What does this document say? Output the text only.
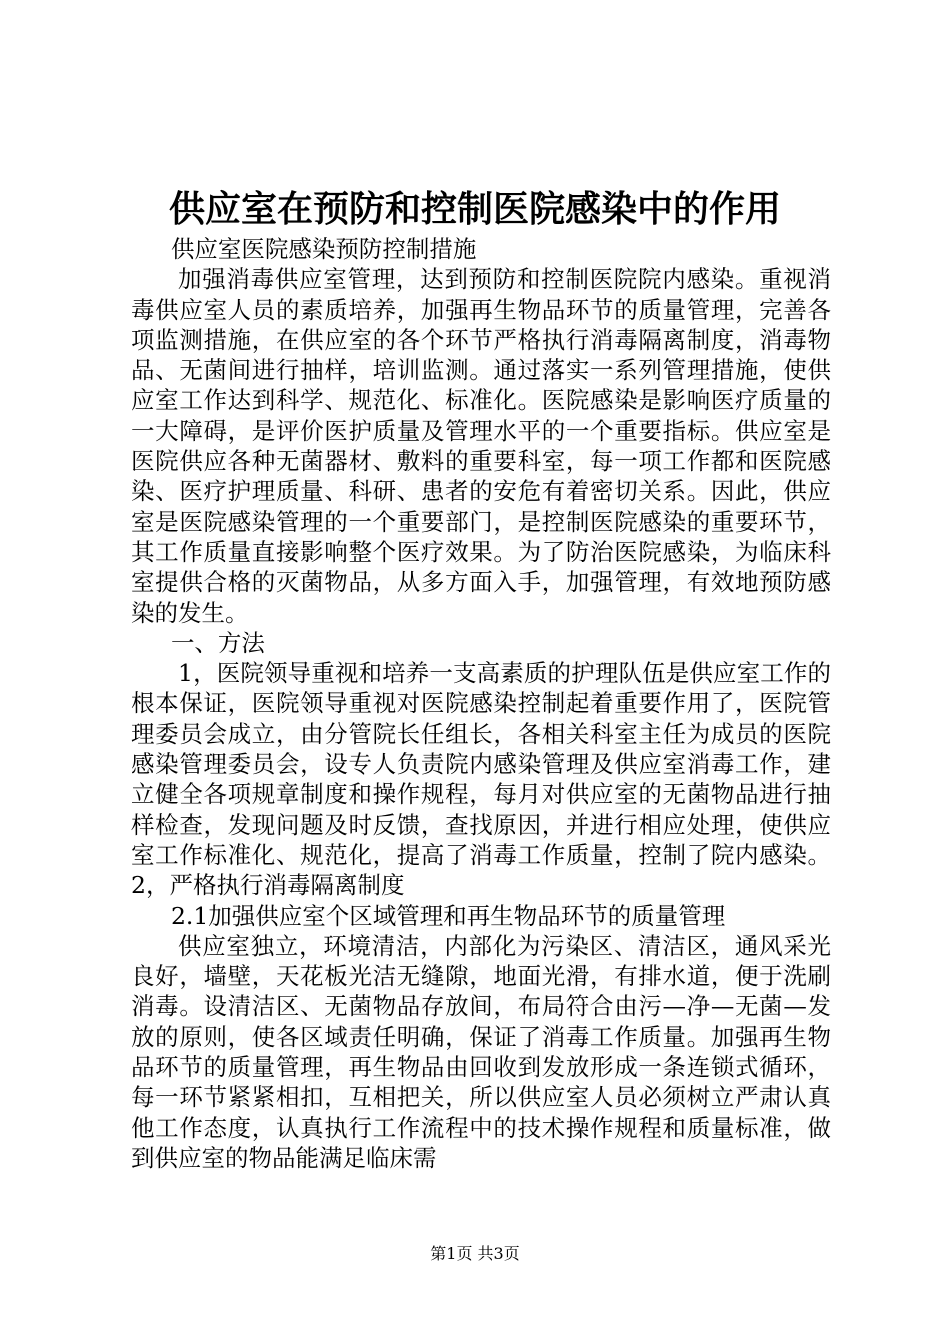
供应室在预防和控制医院感染中的作用

供应室医院感染预防控制措施

加强消毒供应室管理，达到预防和控制医院院内感染。重视消毒供应室人员的素质培养，加强再生物品环节的质量管理，完善各项监测措施，在供应室的各个环节严格执行消毒隔离制度，消毒物品、无菌间进行抽样，培训监测。通过落实一系列管理措施，使供应室工作达到科学、规范化、标准化。医院感染是影响医疗质量的一大障碍，是评价医护质量及管理水平的一个重要指标。供应室是医院供应各种无菌器材、敷料的重要科室，每一项工作都和医院感染、医疗护理质量、科研、患者的安危有着密切关系。因此，供应室是医院感染管理的一个重要部门，是控制医院感染的重要环节，其工作质量直接影响整个医疗效果。为了防治医院感染，为临床科室提供合格的灭菌物品，从多方面入手，加强管理，有效地预防感染的发生。

一、方法

1，医院领导重视和培养一支高素质的护理队伍是供应室工作的根本保证，医院领导重视对医院感染控制起着重要作用了，医院管理委员会成立，由分管院长任组长，各相关科室主任为成员的医院感染管理委员会，设专人负责院内感染管理及供应室消毒工作，建立健全各项规章制度和操作规程，每月对供应室的无菌物品进行抽样检查，发现问题及时反馈，查找原因，并进行相应处理，使供应室工作标准化、规范化，提高了消毒工作质量，控制了院内感染。2，严格执行消毒隔离制度

2.1加强供应室个区域管理和再生物品环节的质量管理

供应室独立，环境清洁，内部化为污染区、清洁区，通风采光良好，墙壁，天花板光洁无缝隙，地面光滑，有排水道，便于洗刷消毒。设清洁区、无菌物品存放间，布局符合由污—净—无菌—发放的原则，使各区域责任明确，保证了消毒工作质量。加强再生物品环节的质量管理，再生物品由回收到发放形成一条连锁式循环，每一环节紧紧相扣，互相把关，所以供应室人员必须树立严肃认真他工作态度，认真执行工作流程中的技术操作规程和质量标准，做到供应室的物品能满足临床需

第1页 共3页
